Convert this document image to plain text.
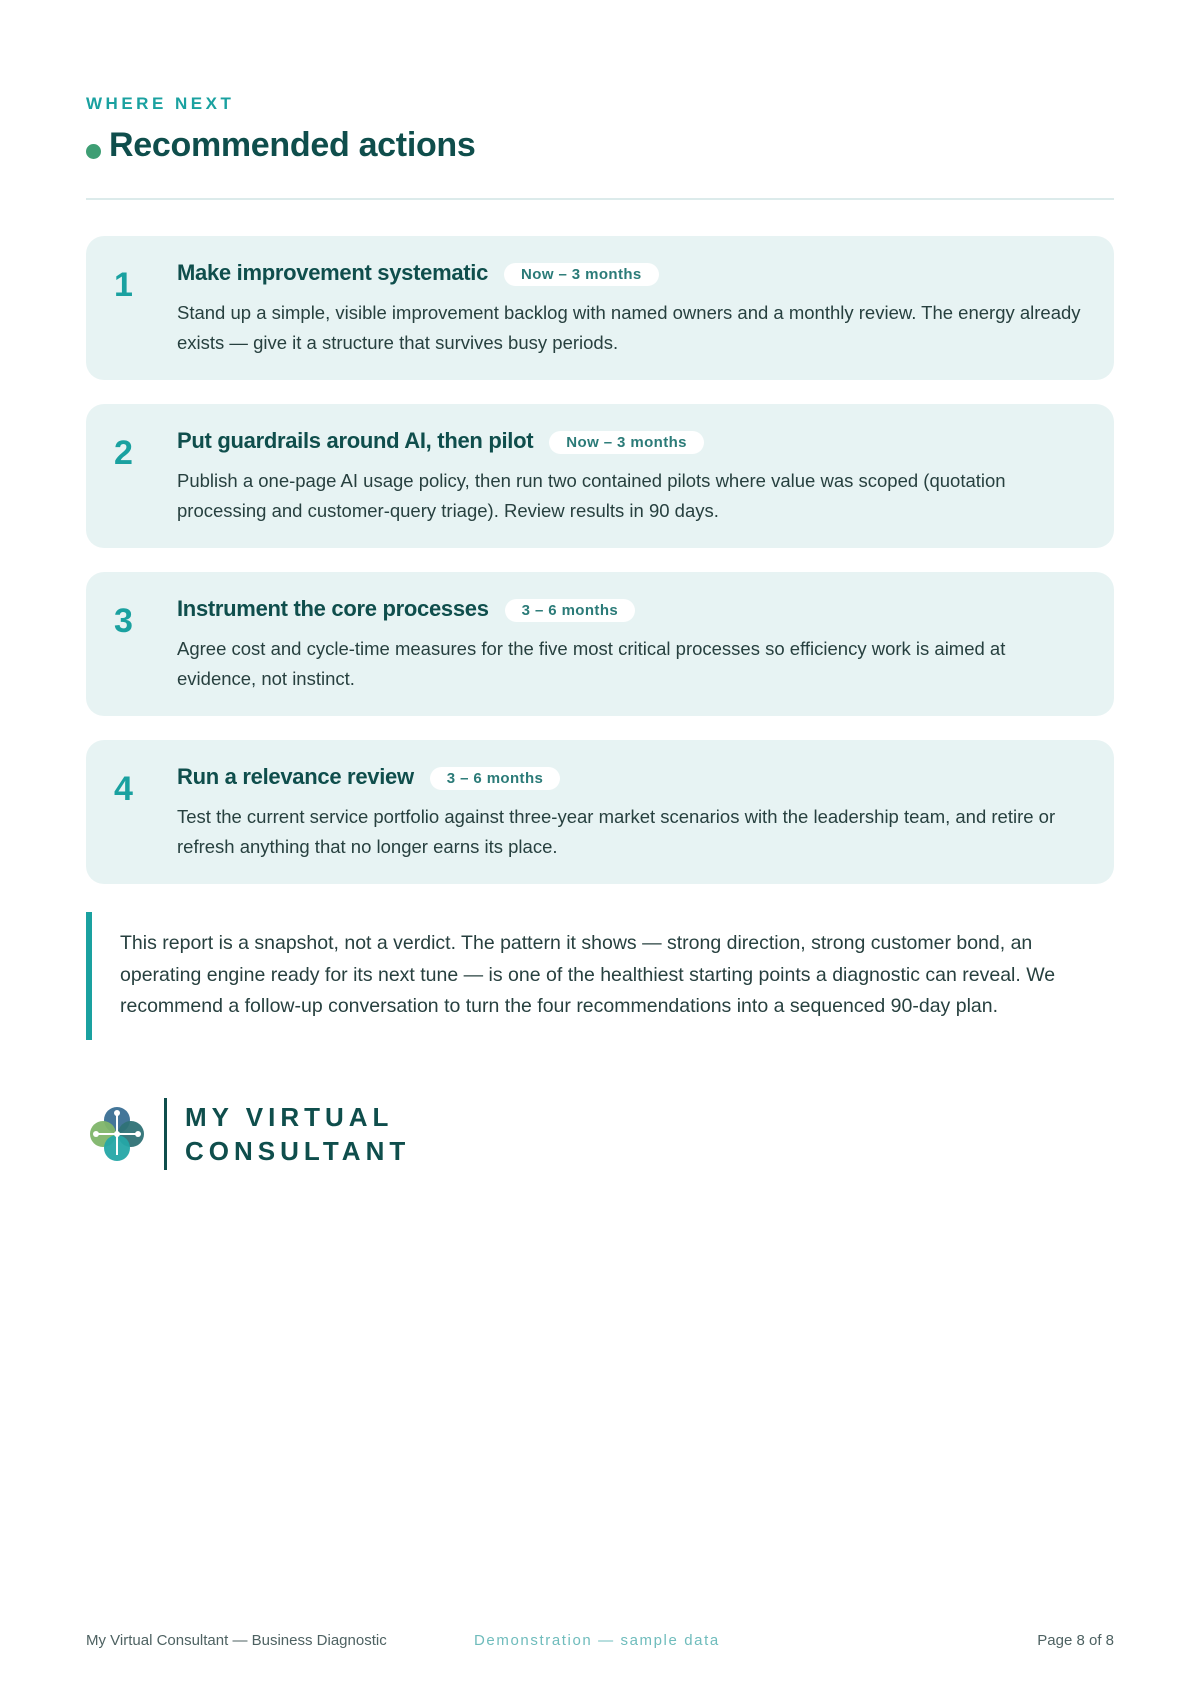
WHERE NEXT
Recommended actions
1 Make improvement systematic	Now – 3 months
Stand up a simple, visible improvement backlog with named owners and a monthly review. The energy already exists — give it a structure that survives busy periods.
2 Put guardrails around AI, then pilot	Now – 3 months
Publish a one-page AI usage policy, then run two contained pilots where value was scoped (quotation processing and customer-query triage). Review results in 90 days.
3 Instrument the core processes	3 – 6 months
Agree cost and cycle-time measures for the five most critical processes so efficiency work is aimed at evidence, not instinct.
4 Run a relevance review	3 – 6 months
Test the current service portfolio against three-year market scenarios with the leadership team, and retire or refresh anything that no longer earns its place.

This report is a snapshot, not a verdict. The pattern it shows — strong direction, strong customer bond, an operating engine ready for its next tune — is one of the healthiest starting points a diagnostic can reveal. We recommend a follow-up conversation to turn the four recommendations into a sequenced 90-day plan.

MY VIRTUAL
CONSULTANT
My Virtual Consultant — Business Diagnostic	Demonstration — sample data	Page 8 of 8
